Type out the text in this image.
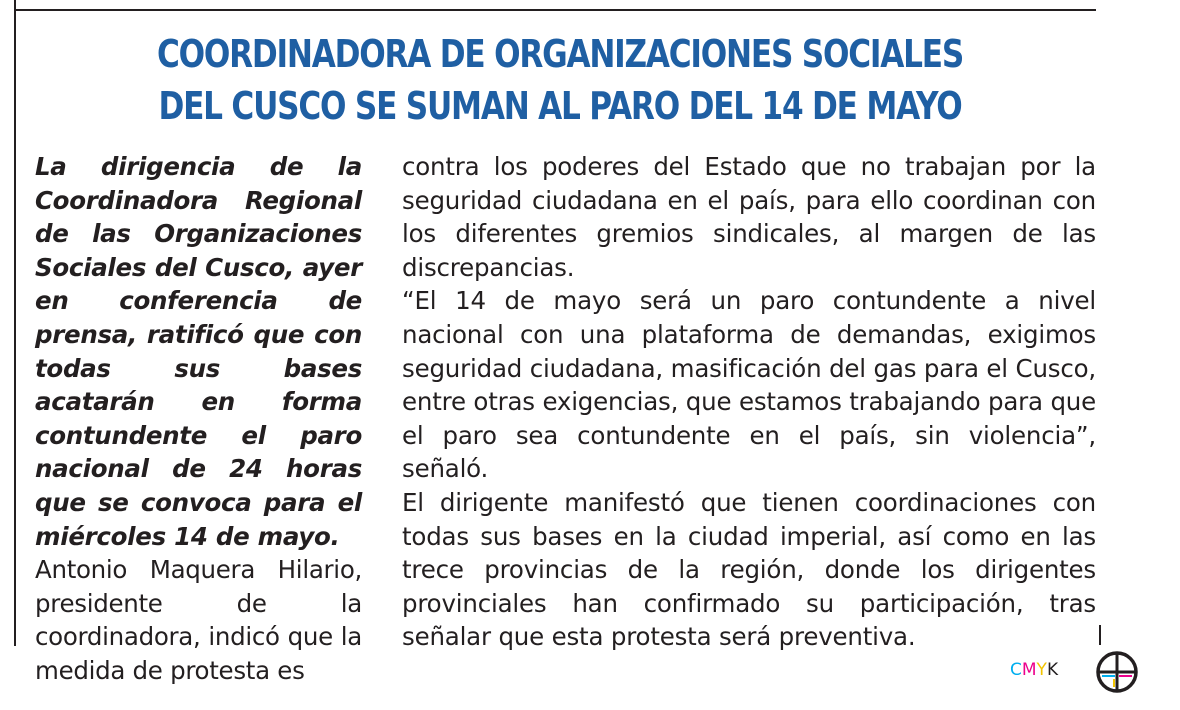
COORDINADORA DE ORGANIZACIONES SOCIALES
DEL CUSCO SE SUMAN AL PARO DEL 14 DE MAYO

La dirigencia de la Coordinadora Regional de las Organizaciones Sociales del Cusco, ayer en conferencia de prensa, ratificó que con todas sus bases acatarán en forma contundente el paro nacional de 24 horas que se convoca para el miércoles 14 de mayo.

Antonio Maquera Hilario, presidente de la coordinadora, indicó que la medida de protesta es

contra los poderes del Estado que no trabajan por la seguridad ciudadana en el país, para ello coordinan con los diferentes gremios sindicales, al margen de las discrepancias.

“El 14 de mayo será un paro contundente a nivel nacional con una plataforma de demandas, exigimos seguridad ciudadana, masificación del gas para el Cusco, entre otras exigencias, que estamos trabajando para que el paro sea contundente en el país, sin violencia”, señaló.

El dirigente manifestó que tienen coordinaciones con todas sus bases en la ciudad imperial, así como en las trece provincias de la región, donde los dirigentes provinciales han confirmado su participación, tras señalar que esta protesta será preventiva.

CMYK
